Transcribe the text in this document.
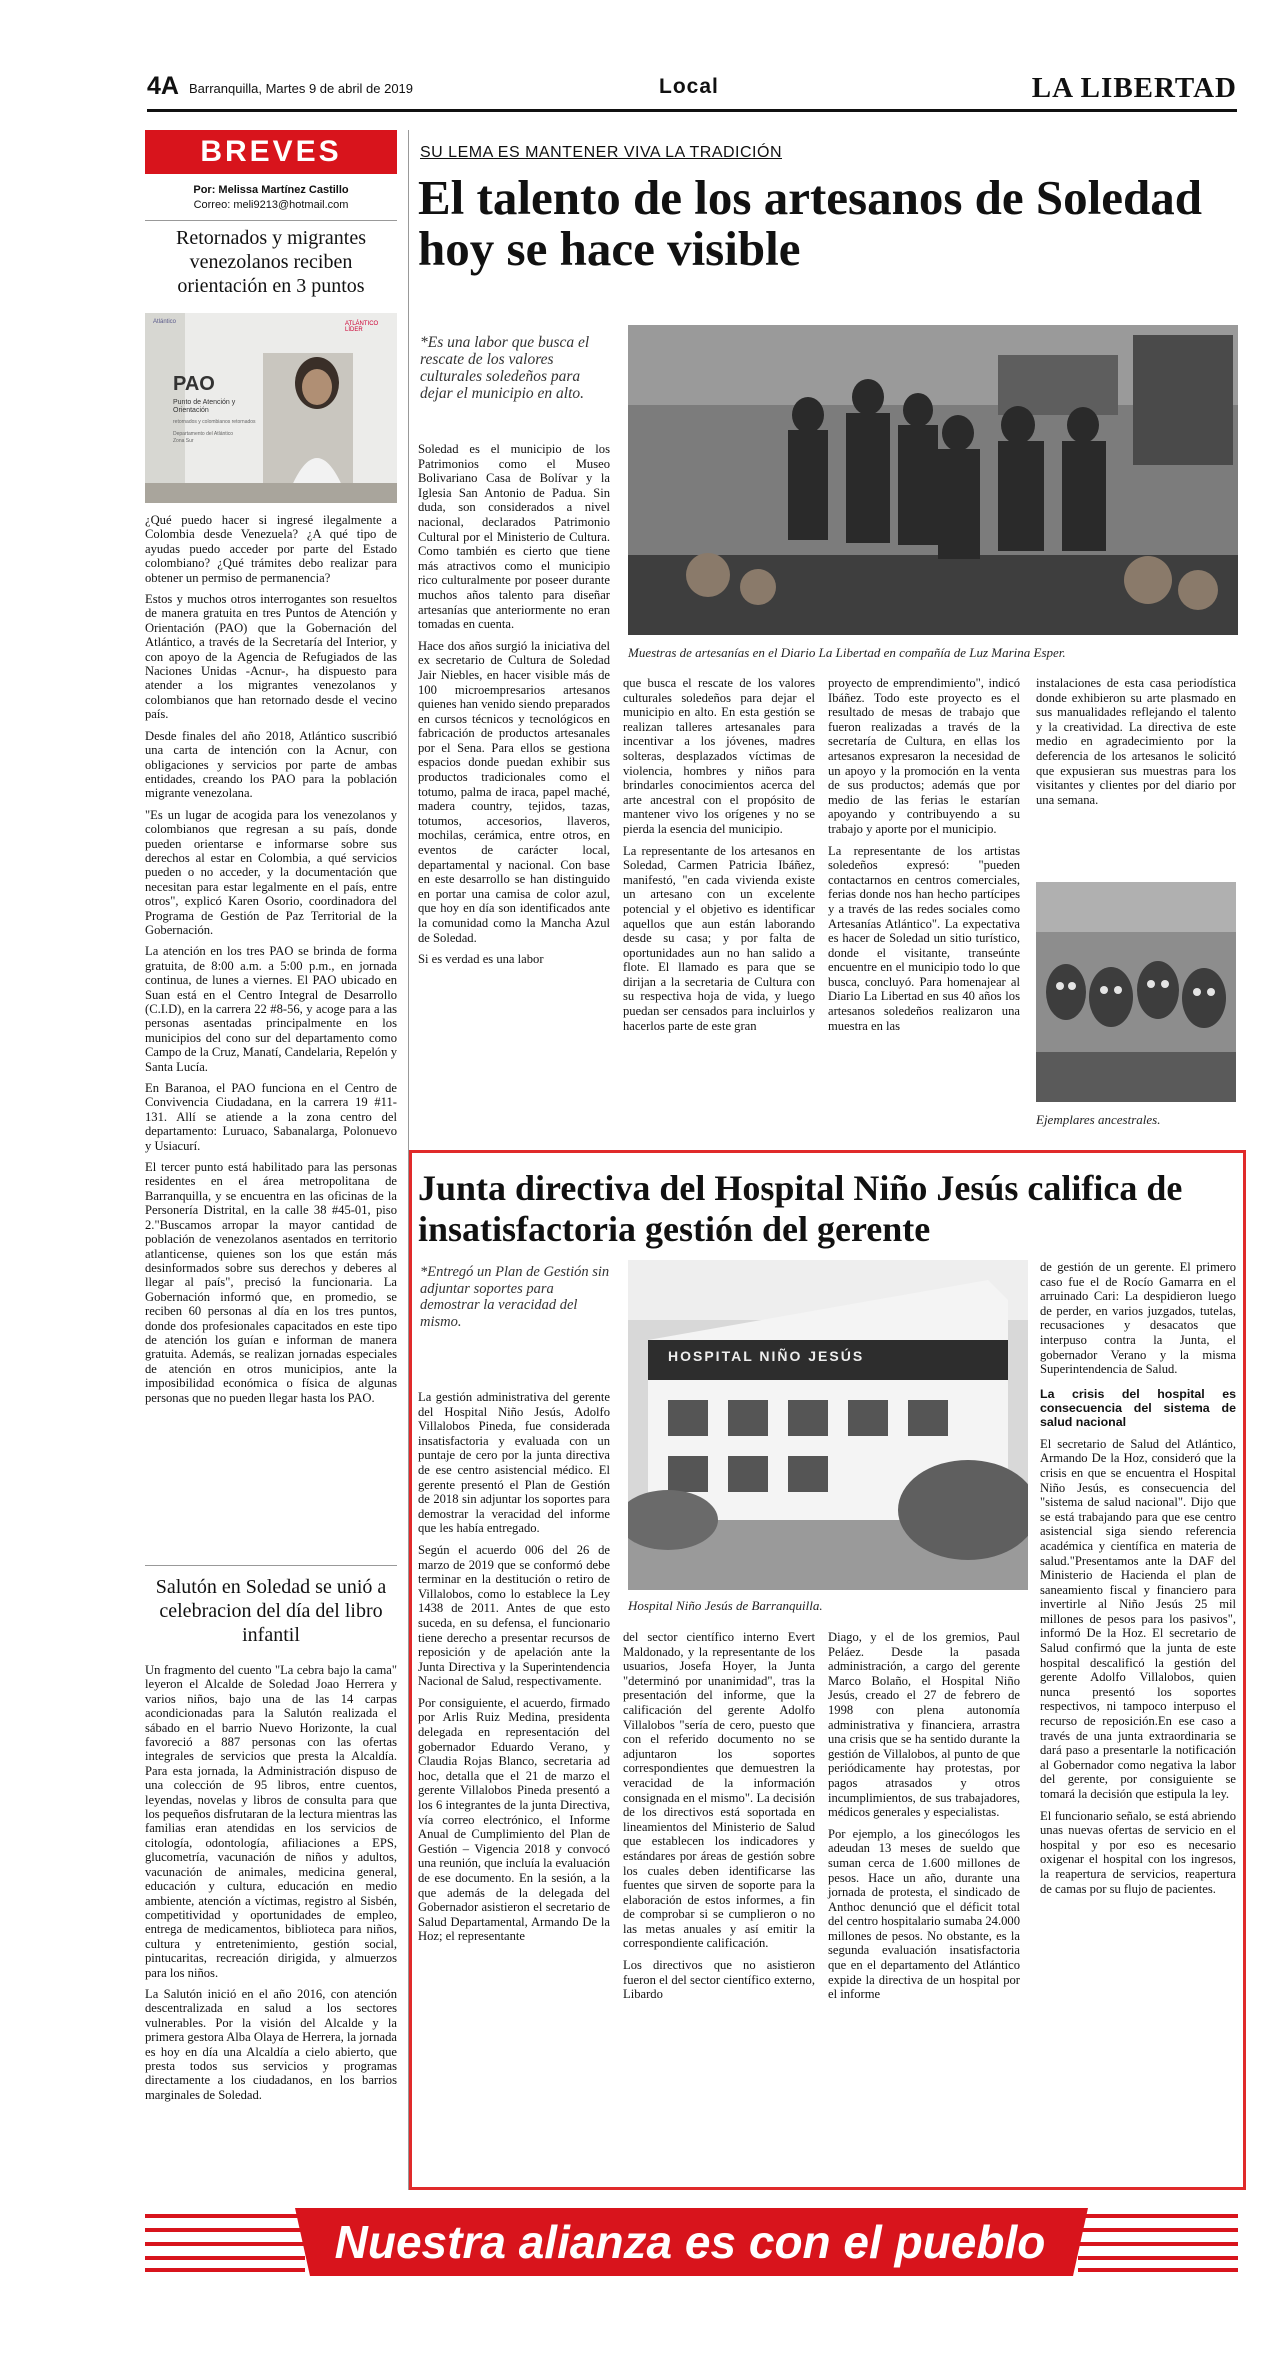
4A Barranquilla, Martes 9 de abril de 2019	Local	LA LIBERTAD
BREVES
Por: Melissa Martínez Castillo
Correo: meli9213@hotmail.com
Retornados y migrantes venezolanos reciben orientación en 3 puntos
Atlántico	ATLÁNTICO LÍDER
PAO
Punto de Atención y Orientación
retornados y colombianos retornados
Departamento del Atlántico
Zona Sur

¿Qué puedo hacer si ingresé ilegalmente a Colombia desde Venezuela? ¿A qué tipo de ayudas puedo acceder por parte del Estado colombiano? ¿Qué trámites debo realizar para obtener un permiso de permanencia?

Estos y muchos otros interrogantes son resueltos de manera gratuita en tres Puntos de Atención y Orientación (PAO) que la Gobernación del Atlántico, a través de la Secretaría del Interior, y con apoyo de la Agencia de Refugiados de las Naciones Unidas -Acnur-, ha dispuesto para atender a los migrantes venezolanos y colombianos que han retornado desde el vecino país.

Desde finales del año 2018, Atlántico suscribió una carta de intención con la Acnur, con obligaciones y servicios por parte de ambas entidades, creando los PAO para la población migrante venezolana.

"Es un lugar de acogida para los venezolanos y colombianos que regresan a su país, donde pueden orientarse e informarse sobre sus derechos al estar en Colombia, a qué servicios pueden o no acceder, y la documentación que necesitan para estar legalmente en el país, entre otros", explicó Karen Osorio, coordinadora del Programa de Gestión de Paz Territorial de la Gobernación.

La atención en los tres PAO se brinda de forma gratuita, de 8:00 a.m. a 5:00 p.m., en jornada continua, de lunes a viernes. El PAO ubicado en Suan está en el Centro Integral de Desarrollo (C.I.D), en la carrera 22 #8-56, y acoge para a las personas asentadas principalmente en los municipios del cono sur del departamento como Campo de la Cruz, Manatí, Candelaria, Repelón y Santa Lucía.

En Baranoa, el PAO funciona en el Centro de Convivencia Ciudadana, en la carrera 19 #11-131. Allí se atiende a la zona centro del departamento: Luruaco, Sabanalarga, Polonuevo y Usiacurí.

El tercer punto está habilitado para las personas residentes en el área metropolitana de Barranquilla, y se encuentra en las oficinas de la Personería Distrital, en la calle 38 #45-01, piso 2."Buscamos arropar la mayor cantidad de población de venezolanos asentados en territorio atlanticense, quienes son los que están más desinformados sobre sus derechos y deberes al llegar al país", precisó la funcionaria. La Gobernación informó que, en promedio, se reciben 60 personas al día en los tres puntos, donde dos profesionales capacitados en este tipo de atención los guían e informan de manera gratuita. Además, se realizan jornadas especiales de atención en otros municipios, ante la imposibilidad económica o física de algunas personas que no pueden llegar hasta los PAO.

Salutón en Soledad se unió a celebracion del día del libro infantil

Un fragmento del cuento "La cebra bajo la cama" leyeron el Alcalde de Soledad Joao Herrera y varios niños, bajo una de las 14 carpas acondicionadas para la Salutón realizada el sábado en el barrio Nuevo Horizonte, la cual favoreció a 887 personas con las ofertas integrales de servicios que presta la Alcaldía. Para esta jornada, la Administración dispuso de una colección de 95 libros, entre cuentos, leyendas, novelas y libros de consulta para que los pequeños disfrutaran de la lectura mientras las familias eran atendidas en los servicios de citología, odontología, afiliaciones a EPS, glucometría, vacunación de niños y adultos, vacunación de animales, medicina general, educación y cultura, educación en medio ambiente, atención a víctimas, registro al Sisbén, competitividad y oportunidades de empleo, entrega de medicamentos, biblioteca para niños, cultura y entretenimiento, gestión social, pintucaritas, recreación dirigida, y almuerzos para los niños.

La Salutón inició en el año 2016, con atención descentralizada en salud a los sectores vulnerables. Por la visión del Alcalde y la primera gestora Alba Olaya de Herrera, la jornada es hoy en día una Alcaldía a cielo abierto, que presta todos sus servicios y programas directamente a los ciudadanos, en los barrios marginales de Soledad.

SU LEMA ES MANTENER VIVA LA TRADICIÓN
El talento de los artesanos de Soledad hoy se hace visible
*Es una labor que busca el rescate de los valores culturales soledeños para dejar el municipio en alto.
Muestras de artesanías en el Diario La Libertad en compañía de Luz Marina Esper.

Soledad es el municipio de los Patrimonios como el Museo Bolivariano Casa de Bolívar y la Iglesia San Antonio de Padua. Sin duda, son considerados a nivel nacional, declarados Patrimonio Cultural por el Ministerio de Cultura. Como también es cierto que tiene más atractivos como el municipio rico culturalmente por poseer durante muchos años talento para diseñar artesanías que anteriormente no eran tomadas en cuenta.

Hace dos años surgió la iniciativa del ex secretario de Cultura de Soledad Jair Niebles, en hacer visible más de 100 microempresarios artesanos quienes han venido siendo preparados en cursos técnicos y tecnológicos en fabricación de productos artesanales por el Sena. Para ellos se gestiona espacios donde puedan exhibir sus productos tradicionales como el totumo, palma de iraca, papel maché, madera country, tejidos, tazas, totumos, accesorios, llaveros, mochilas, cerámica, entre otros, en eventos de carácter local, departamental y nacional. Con base en este desarrollo se han distinguido en portar una camisa de color azul, que hoy en día son identificados ante la comunidad como la Mancha Azul de Soledad.

Si es verdad es una labor

que busca el rescate de los valores culturales soledeños para dejar el municipio en alto. En esta gestión se realizan talleres artesanales para incentivar a los jóvenes, madres solteras, desplazados víctimas de violencia, hombres y niños para brindarles conocimientos acerca del arte ancestral con el propósito de mantener vivo los orígenes y no se pierda la esencia del municipio.

La representante de los artesanos en Soledad, Carmen Patricia Ibáñez, manifestó, "en cada vivienda existe un artesano con un excelente potencial y el objetivo es identificar aquellos que aun están laborando desde su casa; y por falta de oportunidades aun no han salido a flote. El llamado es para que se dirijan a la secretaria de Cultura con su respectiva hoja de vida, y luego puedan ser censados para incluirlos y hacerlos parte de este gran

proyecto de emprendimiento", indicó Ibáñez. Todo este proyecto es el resultado de mesas de trabajo que fueron realizadas a través de la secretaría de Cultura, en ellas los artesanos expresaron la necesidad de un apoyo y la promoción en la venta de sus productos; además que por medio de las ferias le estarían apoyando y contribuyendo a su trabajo y aporte por el municipio.

La representante de los artistas soledeños expresó: "pueden contactarnos en centros comerciales, ferias donde nos han hecho partícipes y a través de las redes sociales como Artesanías Atlántico". La expectativa es hacer de Soledad un sitio turístico, donde el visitante, transeúnte encuentre en el municipio todo lo que busca, concluyó. Para homenajear al Diario La Libertad en sus 40 años los artesanos soledeños realizaron una muestra en las

instalaciones de esta casa periodística donde exhibieron su arte plasmado en sus manualidades reflejando el talento y la creatividad. La directiva de este medio en agradecimiento por la deferencia de los artesanos le solicitó que expusieran sus muestras para los visitantes y clientes por del diario por una semana.

Ejemplares ancestrales.
Junta directiva del Hospital Niño Jesús califica de insatisfactoria gestión del gerente
*Entregó un Plan de Gestión sin adjuntar soportes para demostrar la veracidad del mismo.
HOSPITAL NIÑO JESÚS
Hospital Niño Jesús de Barranquilla.

La gestión administrativa del gerente del Hospital Niño Jesús, Adolfo Villalobos Pineda, fue considerada insatisfactoria y evaluada con un puntaje de cero por la junta directiva de ese centro asistencial médico. El gerente presentó el Plan de Gestión de 2018 sin adjuntar los soportes para demostrar la veracidad del informe que les había entregado.

Según el acuerdo 006 del 26 de marzo de 2019 que se conformó debe terminar en la destitución o retiro de Villalobos, como lo establece la Ley 1438 de 2011. Antes de que esto suceda, en su defensa, el funcionario tiene derecho a presentar recursos de reposición y de apelación ante la Junta Directiva y la Superintendencia Nacional de Salud, respectivamente.

Por consiguiente, el acuerdo, firmado por Arlis Ruiz Medina, presidenta delegada en representación del gobernador Eduardo Verano, y Claudia Rojas Blanco, secretaria ad hoc, detalla que el 21 de marzo el gerente Villalobos Pineda presentó a los 6 integrantes de la junta Directiva, vía correo electrónico, el Informe Anual de Cumplimiento del Plan de Gestión – Vigencia 2018 y convocó una reunión, que incluía la evaluación de ese documento. En la sesión, a la que además de la delegada del Gobernador asistieron el secretario de Salud Departamental, Armando De la Hoz; el representante

del sector científico interno Evert Maldonado, y la representante de los usuarios, Josefa Hoyer, la Junta "determinó por unanimidad", tras la presentación del informe, que la calificación del gerente Adolfo Villalobos "sería de cero, puesto que con el referido documento no se adjuntaron los soportes correspondientes que demuestren la veracidad de la información consignada en el mismo". La decisión de los directivos está soportada en lineamientos del Ministerio de Salud que establecen los indicadores y estándares por áreas de gestión sobre los cuales deben identificarse las fuentes que sirven de soporte para la elaboración de estos informes, a fin de comprobar si se cumplieron o no las metas anuales y así emitir la correspondiente calificación.

Los directivos que no asistieron fueron el del sector científico externo, Libardo

Diago, y el de los gremios, Paul Peláez. Desde la pasada administración, a cargo del gerente Marco Bolaño, el Hospital Niño Jesús, creado el 27 de febrero de 1998 con plena autonomía administrativa y financiera, arrastra una crisis que se ha sentido durante la gestión de Villalobos, al punto de que periódicamente hay protestas, por pagos atrasados y otros incumplimientos, de sus trabajadores, médicos generales y especialistas.

Por ejemplo, a los ginecólogos les adeudan 13 meses de sueldo que suman cerca de 1.600 millones de pesos. Hace un año, durante una jornada de protesta, el sindicado de Anthoc denunció que el déficit total del centro hospitalario sumaba 24.000 millones de pesos. No obstante, es la segunda evaluación insatisfactoria que en el departamento del Atlántico expide la directiva de un hospital por el informe

de gestión de un gerente. El primero caso fue el de Rocío Gamarra en el arruinado Cari: La despidieron luego de perder, en varios juzgados, tutelas, recusaciones y desacatos que interpuso contra la Junta, el gobernador Verano y la misma Superintendencia de Salud.

La crisis del hospital es consecuencia del sistema de salud nacional

El secretario de Salud del Atlántico, Armando De la Hoz, consideró que la crisis en que se encuentra el Hospital Niño Jesús, es consecuencia del "sistema de salud nacional". Dijo que se está trabajando para que ese centro asistencial siga siendo referencia académica y científica en materia de salud."Presentamos ante la DAF del Ministerio de Hacienda el plan de saneamiento fiscal y financiero para invertirle al Niño Jesús 25 mil millones de pesos para los pasivos", informó De la Hoz. El secretario de Salud confirmó que la junta de este hospital descalificó la gestión del gerente Adolfo Villalobos, quien nunca presentó los soportes respectivos, ni tampoco interpuso el recurso de reposición.En ese caso a través de una junta extraordinaria se dará paso a presentarle la notificación al Gobernador como negativa la labor del gerente, por consiguiente se tomará la decisión que estipula la ley.

El funcionario señalo, se está abriendo unas nuevas ofertas de servicio en el hospital y por eso es necesario oxigenar el hospital con los ingresos, la reapertura de servicios, reapertura de camas por su flujo de pacientes.

Nuestra alianza es con el pueblo
